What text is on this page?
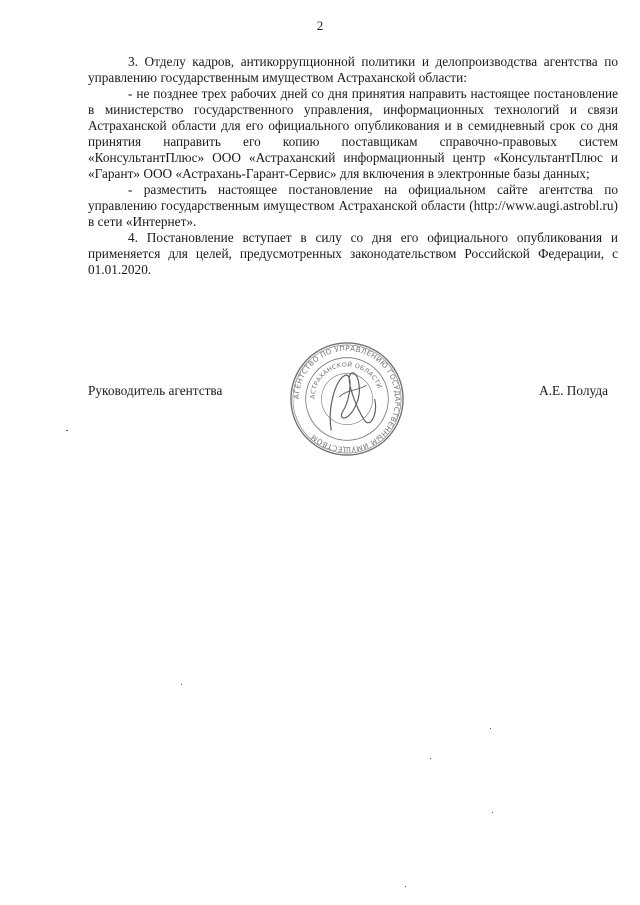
2

3. Отделу кадров, антикоррупционной политики и делопроизводства агентства по управлению государственным имуществом Астраханской области:

- не позднее трех рабочих дней со дня принятия направить настоящее постановление в министерство государственного управления, информационных технологий и связи Астраханской области для его официального опубликования и в семидневный срок со дня принятия направить его копию поставщикам справочно-правовых систем «КонсультантПлюс» ООО «Астраханский информационный центр «КонсультантПлюс и «Гарант» ООО «Астрахань-Гарант-Сервис» для включения в электронные базы данных;

- разместить настоящее постановление на официальном сайте агентства по управлению государственным имуществом Астраханской области (http://www.augi.astrobl.ru) в сети «Интернет».

4. Постановление вступает в силу со дня его официального опубликования и применяется для целей, предусмотренных законодательством Российской Федерации, с 01.01.2020.

АГЕНТСТВО ПО УПРАВЛЕНИЮ ГОСУДАРСТВЕННЫМ ИМУЩЕСТВОМ
АСТРАХАНСКОЙ ОБЛАСТИ
Руководитель агентства	А.Е. Полуда
